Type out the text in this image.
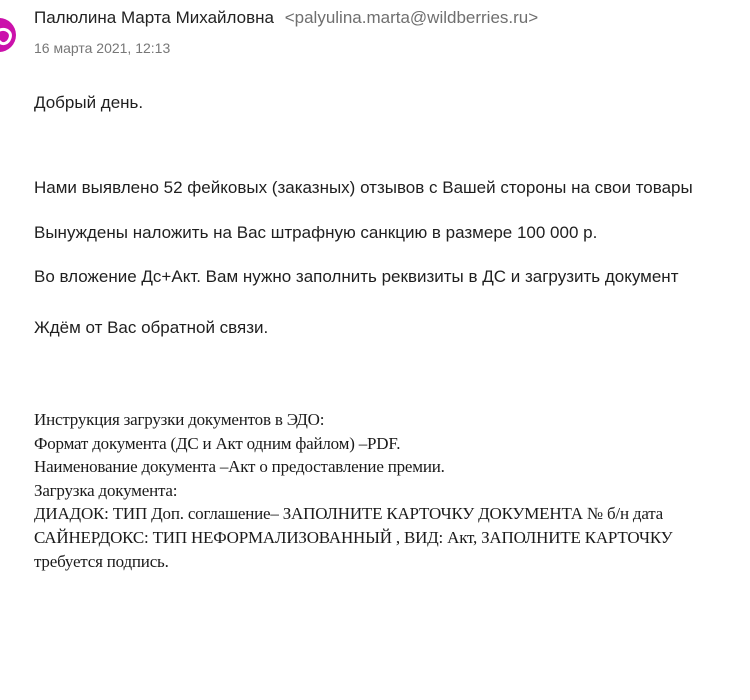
Палюлина Марта Михайловна <palyulina.marta@wildberries.ru>
16 марта 2021, 12:13
Добрый день.
Нами выявлено 52 фейковых (заказных) отзывов с Вашей стороны на свои товары
Вынуждены наложить на Вас штрафную санкцию в размере 100 000 р.
Во вложение Дс+Акт. Вам нужно заполнить реквизиты в ДС и загрузить документ
Ждём от Вас обратной связи.
Инструкция загрузки документов в ЭДО:
Формат документа (ДС и Акт одним файлом) –PDF.
Наименование документа –Акт о предоставление премии.
Загрузка документа:
ДИАДОК: ТИП Доп. соглашение– ЗАПОЛНИТЕ КАРТОЧКУ ДОКУМЕНТА № б/н дата
САЙНЕРДОКС: ТИП НЕФОРМАЛИЗОВАННЫЙ , ВИД: Акт, ЗАПОЛНИТЕ КАРТОЧКУ
требуется подпись.
